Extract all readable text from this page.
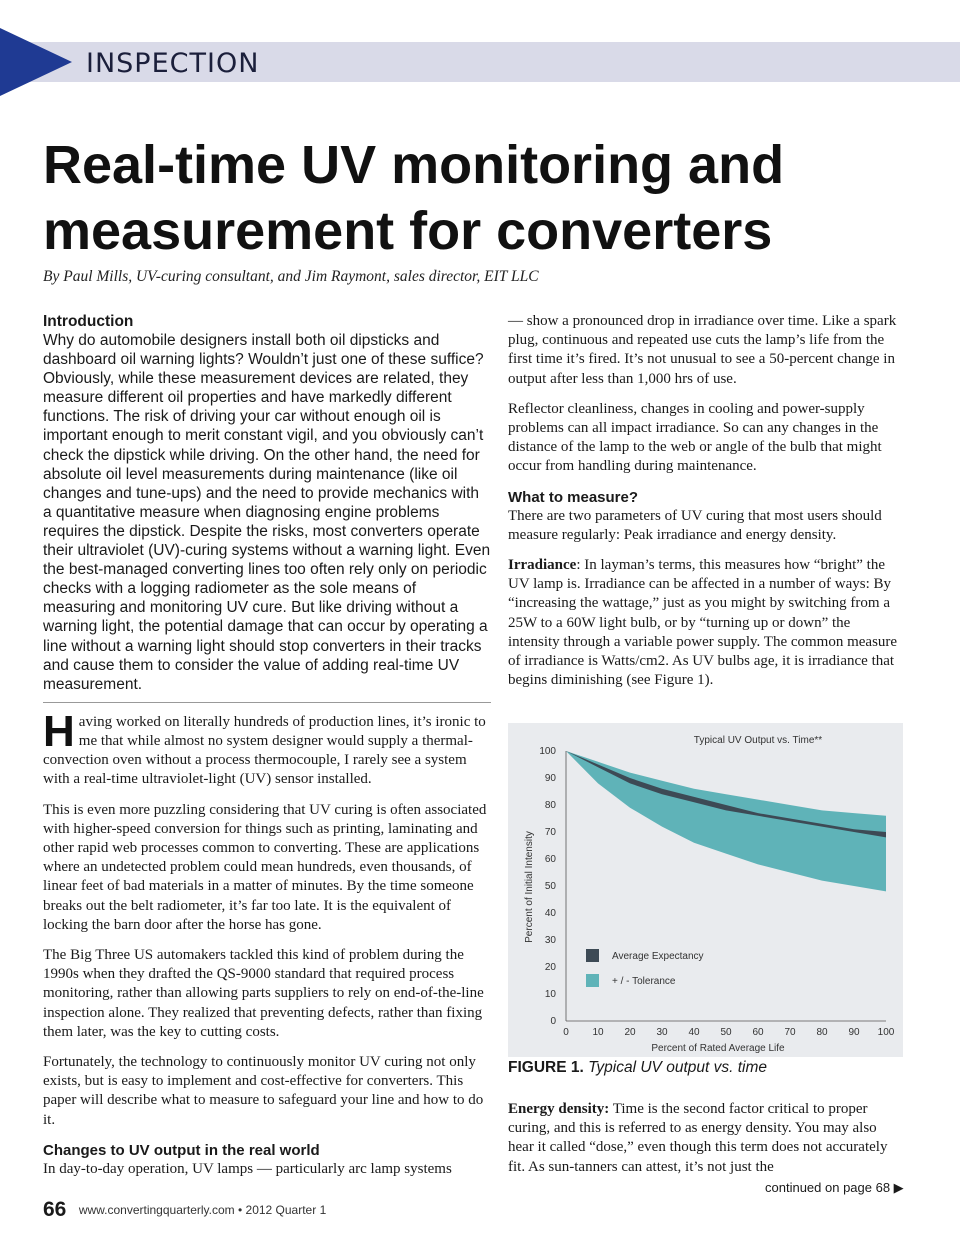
INSPECTION
Real-time UV monitoring and
measurement for converters
By Paul Mills, UV-curing consultant, and Jim Raymont, sales director, EIT LLC
Introduction
Why do automobile designers install both oil dipsticks and dashboard oil warning lights? Wouldn’t just one of these suffice? Obviously, while these measurement devices are related, they measure different oil properties and have markedly different functions. The risk of driving your car without enough oil is important enough to merit constant vigil, and you obviously can’t check the dipstick while driving. On the other hand, the need for absolute oil level measurements during maintenance (like oil changes and tune-ups) and the need to provide mechanics with a quantitative measure when diagnosing engine problems requires the dipstick. Despite the risks, most converters operate their ultraviolet (UV)-curing systems without a warning light. Even the best-managed converting lines too often rely only on periodic checks with a logging radiometer as the sole means of measuring and monitoring UV cure. But like driving without a warning light, the potential damage that can occur by operating a line without a warning light should stop converters in their tracks and cause them to consider the value of adding real-time UV measurement.

Having worked on literally hundreds of production lines, it’s ironic to me that while almost no system designer would supply a thermal-convection oven without a process thermocouple, I rarely see a system with a real-time ultraviolet-light (UV) sensor installed.

This is even more puzzling considering that UV curing is often associated with higher-speed conversion for things such as printing, laminating and other rapid web processes common to converting. These are applications where an undetected problem could mean hundreds, even thousands, of linear feet of bad materials in a matter of minutes. By the time someone breaks out the belt radiometer, it’s far too late. It is the equivalent of locking the barn door after the horse has gone.

The Big Three US automakers tackled this kind of problem during the 1990s when they drafted the QS-9000 standard that required process monitoring, rather than allowing parts suppliers to rely on end-of-the-line inspection alone. They realized that preventing defects, rather than fixing them later, was the key to cutting costs.

Fortunately, the technology to continuously monitor UV curing not only exists, but is easy to implement and cost-effective for converters. This paper will describe what to measure to safeguard your line and how to do it.

Changes to UV output in the real world
In day-to-day operation, UV lamps — particularly arc lamp systems

— show a pronounced drop in irradiance over time. Like a spark plug, continuous and repeated use cuts the lamp’s life from the first time it’s fired. It’s not unusual to see a 50-percent change in output after less than 1,000 hrs of use.

Reflector cleanliness, changes in cooling and power-supply problems can all impact irradiance. So can any changes in the distance of the lamp to the web or angle of the bulb that might occur from handling during maintenance.

What to measure?

There are two parameters of UV curing that most users should measure regularly: Peak irradiance and energy density.

Irradiance: In layman’s terms, this measures how “bright” the UV lamp is. Irradiance can be affected in a number of ways: By “increasing the wattage,” just as you might by switching from a 25W to a 60W light bulb, or by “turning up or down” the intensity through a variable power supply. The common measure of irradiance is Watts/cm2. As UV bulbs age, it is irradiance that begins diminishing (see Figure 1).

Typical UV Output vs. Time**
Percent of Initial Intensity
Percent of Rated Average Life
0 10 20 30 40 50 60 70 80 90 100
0
10
20
30
40
50
60
70
80
90
100
Average Expectancy
+ / - Tolerance
FIGURE 1. Typical UV output vs. time
Energy density: Time is the second factor critical to proper curing, and this is referred to as energy density. You may also hear it called “dose,” even though this term does not accurately fit. As sun-tanners can attest, it’s not just the
continued on page 68 ▶
66 www.convertingquarterly.com • 2012 Quarter 1
